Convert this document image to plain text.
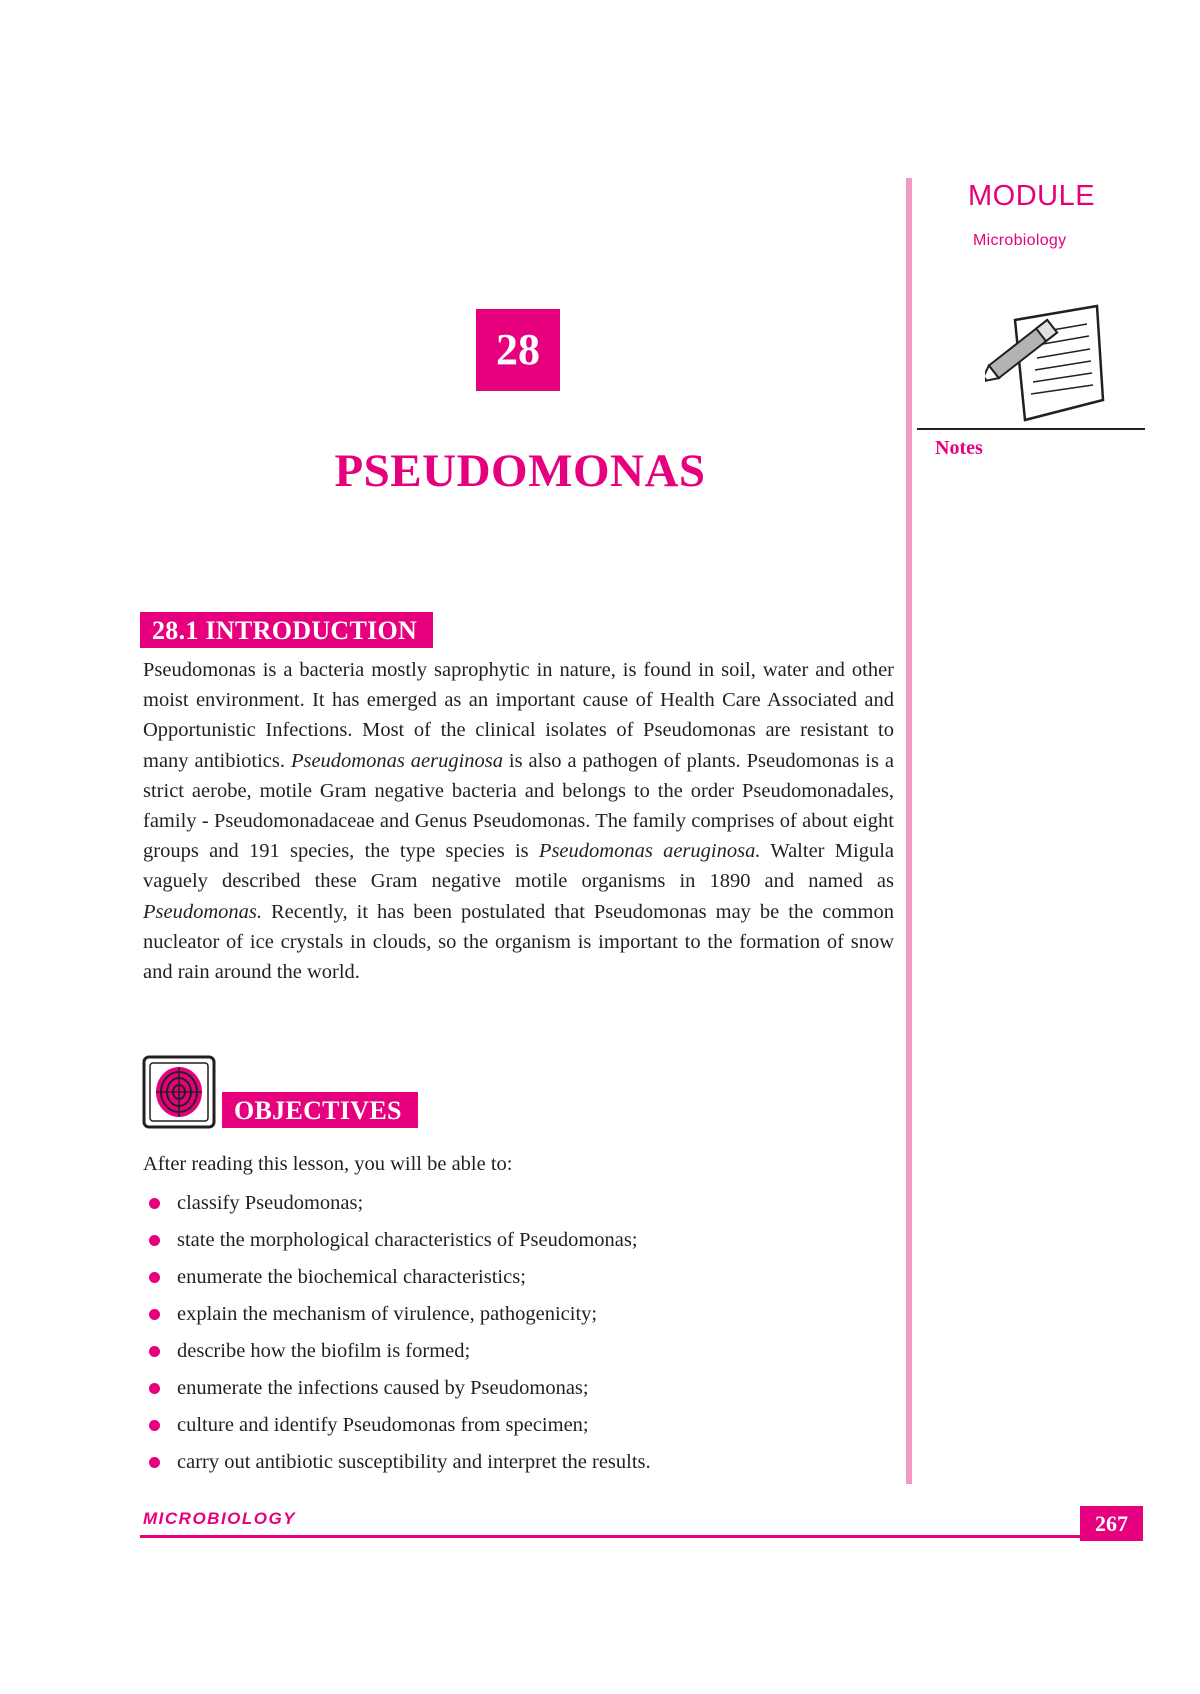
MODULE
Microbiology
Notes
28
PSEUDOMONAS
28.1 INTRODUCTION

Pseudomonas is a bacteria mostly saprophytic in nature, is found in soil, water and other moist environment. It has emerged as an important cause of Health Care Associated and Opportunistic Infections. Most of the clinical isolates of Pseudomonas are resistant to many antibiotics. Pseudomonas aeruginosa is also a pathogen of plants. Pseudomonas is a strict aerobe, motile Gram negative bacteria and belongs to the order Pseudomonadales, family - Pseudomonadaceae and Genus Pseudomonas. The family comprises of about eight groups and 191 species, the type species is Pseudomonas aeruginosa. Walter Migula vaguely described these Gram negative motile organisms in 1890 and named as Pseudomonas. Recently, it has been postulated that Pseudomonas may be the common nucleator of ice crystals in clouds, so the organism is important to the formation of snow and rain around the world.

OBJECTIVES
After reading this lesson, you will be able to:
classify Pseudomonas;
state the morphological characteristics of Pseudomonas;
enumerate the biochemical characteristics;
explain the mechanism of virulence, pathogenicity;
describe how the biofilm is formed;
enumerate the infections caused by Pseudomonas;
culture and identify Pseudomonas from specimen;
carry out antibiotic susceptibility and interpret the results.
MICROBIOLOGY	267
